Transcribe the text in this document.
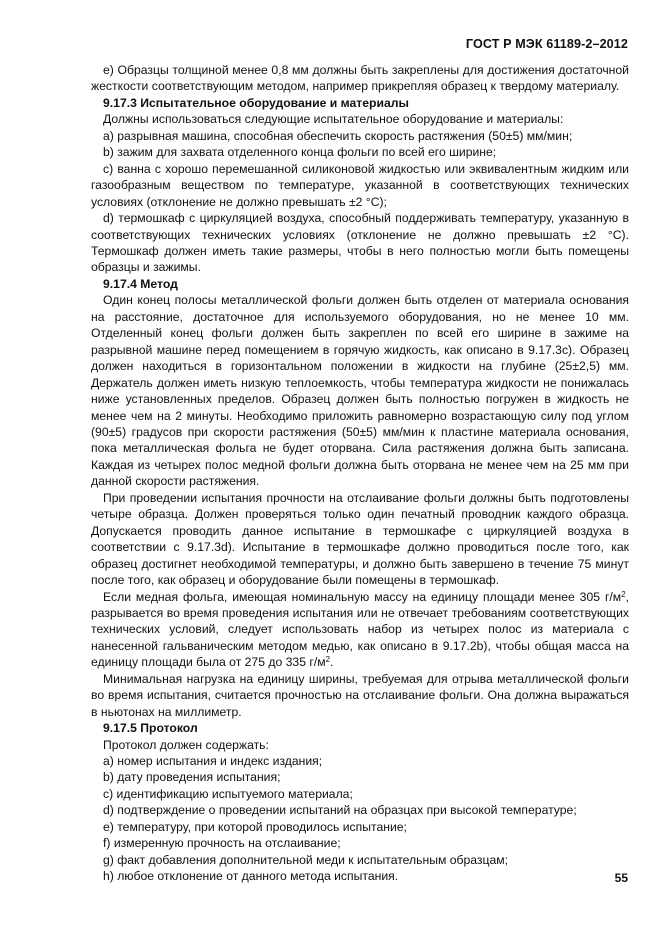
ГОСТ Р МЭК 61189-2–2012

е) Образцы толщиной менее 0,8 мм должны быть закреплены для достижения достаточной жесткости соответствующим методом, например прикрепляя образец к твердому материалу.

9.17.3 Испытательное оборудование и материалы

Должны использоваться следующие испытательное оборудование и материалы:

а) разрывная машина, способная обеспечить скорость растяжения (50±5) мм/мин;

b) зажим для захвата отделенного конца фольги по всей его ширине;

с) ванна с хорошо перемешанной силиконовой жидкостью или эквивалентным жидким или газообразным веществом по температуре, указанной в соответствующих технических условиях (отклонение не должно превышать ±2 °С);

d) термошкаф с циркуляцией воздуха, способный поддерживать температуру, указанную в соответствующих технических условиях (отклонение не должно превышать ±2 °С). Термошкаф должен иметь такие размеры, чтобы в него полностью могли быть помещены образцы и зажимы.

9.17.4 Метод

Один конец полосы металлической фольги должен быть отделен от материала основания на расстояние, достаточное для используемого оборудования, но не менее 10 мм. Отделенный конец фольги должен быть закреплен по всей его ширине в зажиме на разрывной машине перед помещением в горячую жидкость, как описано в 9.17.3с). Образец должен находиться в горизонтальном положении в жидкости на глубине (25±2,5) мм. Держатель должен иметь низкую теплоемкость, чтобы температура жидкости не понижалась ниже установленных пределов. Образец должен быть полностью погружен в жидкость не менее чем на 2 минуты. Необходимо приложить равномерно возрастающую силу под углом (90±5) градусов при скорости растяжения (50±5) мм/мин к пластине материала основания, пока металлическая фольга не будет оторвана. Сила растяжения должна быть записана. Каждая из четырех полос медной фольги должна быть оторвана не менее чем на 25 мм при данной скорости растяжения.

При проведении испытания прочности на отслаивание фольги должны быть подготовлены четыре образца. Должен проверяться только один печатный проводник каждого образца. Допускается проводить данное испытание в термошкафе с циркуляцией воздуха в соответствии с 9.17.3d). Испытание в термошкафе должно проводиться после того, как образец достигнет необходимой температуры, и должно быть завершено в течение 75 минут после того, как образец и оборудование были помещены в термошкаф.

Если медная фольга, имеющая номинальную массу на единицу площади менее 305 $г/м^2$, разрывается во время проведения испытания или не отвечает требованиям соответствующих технических условий, следует использовать набор из четырех полос из материала с нанесенной гальваническим методом медью, как описано в 9.17.2b), чтобы общая масса на единицу площади была от 275 до 335 $г/м^2$.

Минимальная нагрузка на единицу ширины, требуемая для отрыва металлической фольги во время испытания, считается прочностью на отслаивание фольги. Она должна выражаться в ньютонах на миллиметр.

9.17.5 Протокол

Протокол должен содержать:

а) номер испытания и индекс издания;

b) дату проведения испытания;

с) идентификацию испытуемого материала;

d) подтверждение о проведении испытаний на образцах при высокой температуре;

е) температуру, при которой проводилось испытание;

f) измеренную прочность на отслаивание;

g) факт добавления дополнительной меди к испытательным образцам;

h) любое отклонение от данного метода испытания.	55
